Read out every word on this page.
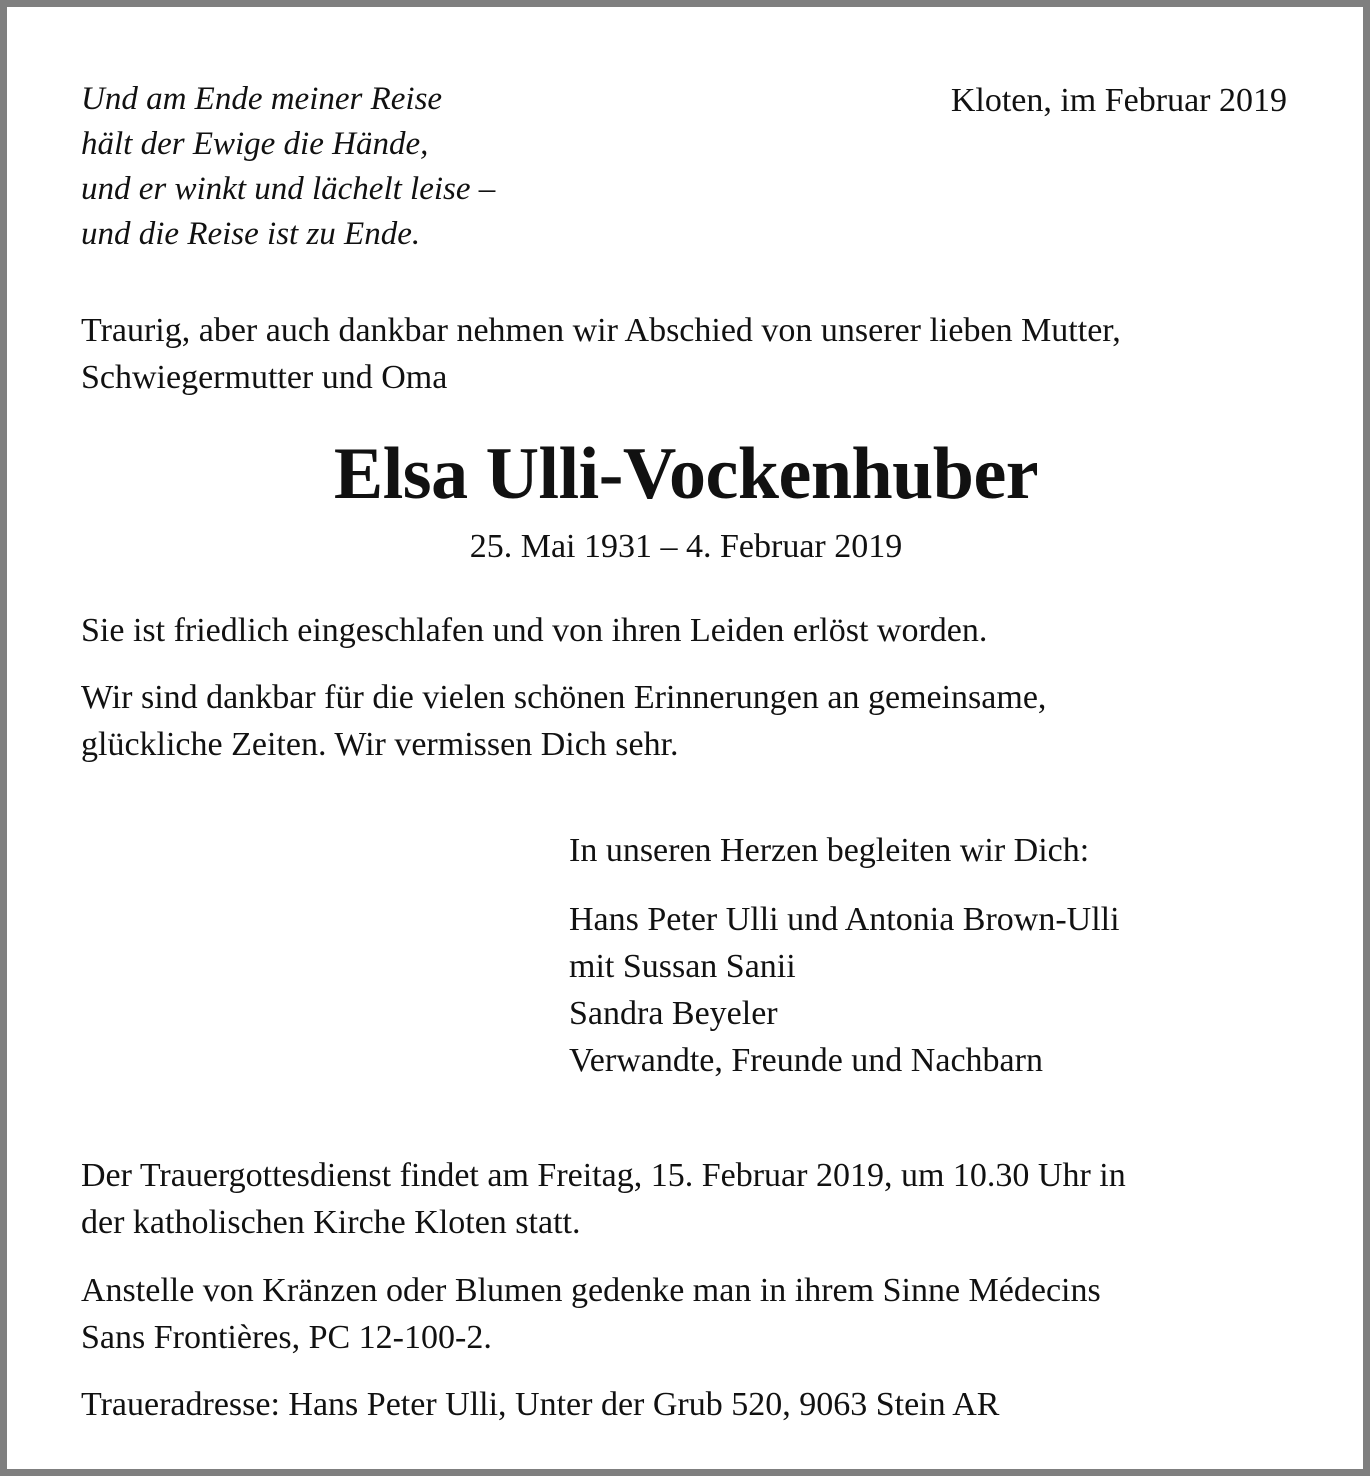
Und am Ende meiner Reise
hält der Ewige die Hände,
und er winkt und lächelt leise –
und die Reise ist zu Ende.
Kloten, im Februar 2019
Traurig, aber auch dankbar nehmen wir Abschied von unserer lieben Mutter,
Schwiegermutter und Oma
Elsa Ulli-Vockenhuber
25. Mai 1931 – 4. Februar 2019
Sie ist friedlich eingeschlafen und von ihren Leiden erlöst worden.
Wir sind dankbar für die vielen schönen Erinnerungen an gemeinsame,
glückliche Zeiten. Wir vermissen Dich sehr.
In unseren Herzen begleiten wir Dich:
Hans Peter Ulli und Antonia Brown-Ulli
mit Sussan Sanii
Sandra Beyeler
Verwandte, Freunde und Nachbarn
Der Trauergottesdienst findet am Freitag, 15. Februar 2019, um 10.30 Uhr in
der katholischen Kirche Kloten statt.
Anstelle von Kränzen oder Blumen gedenke man in ihrem Sinne Médecins
Sans Frontières, PC 12-100-2.
Traueradresse: Hans Peter Ulli, Unter der Grub 520, 9063 Stein AR
